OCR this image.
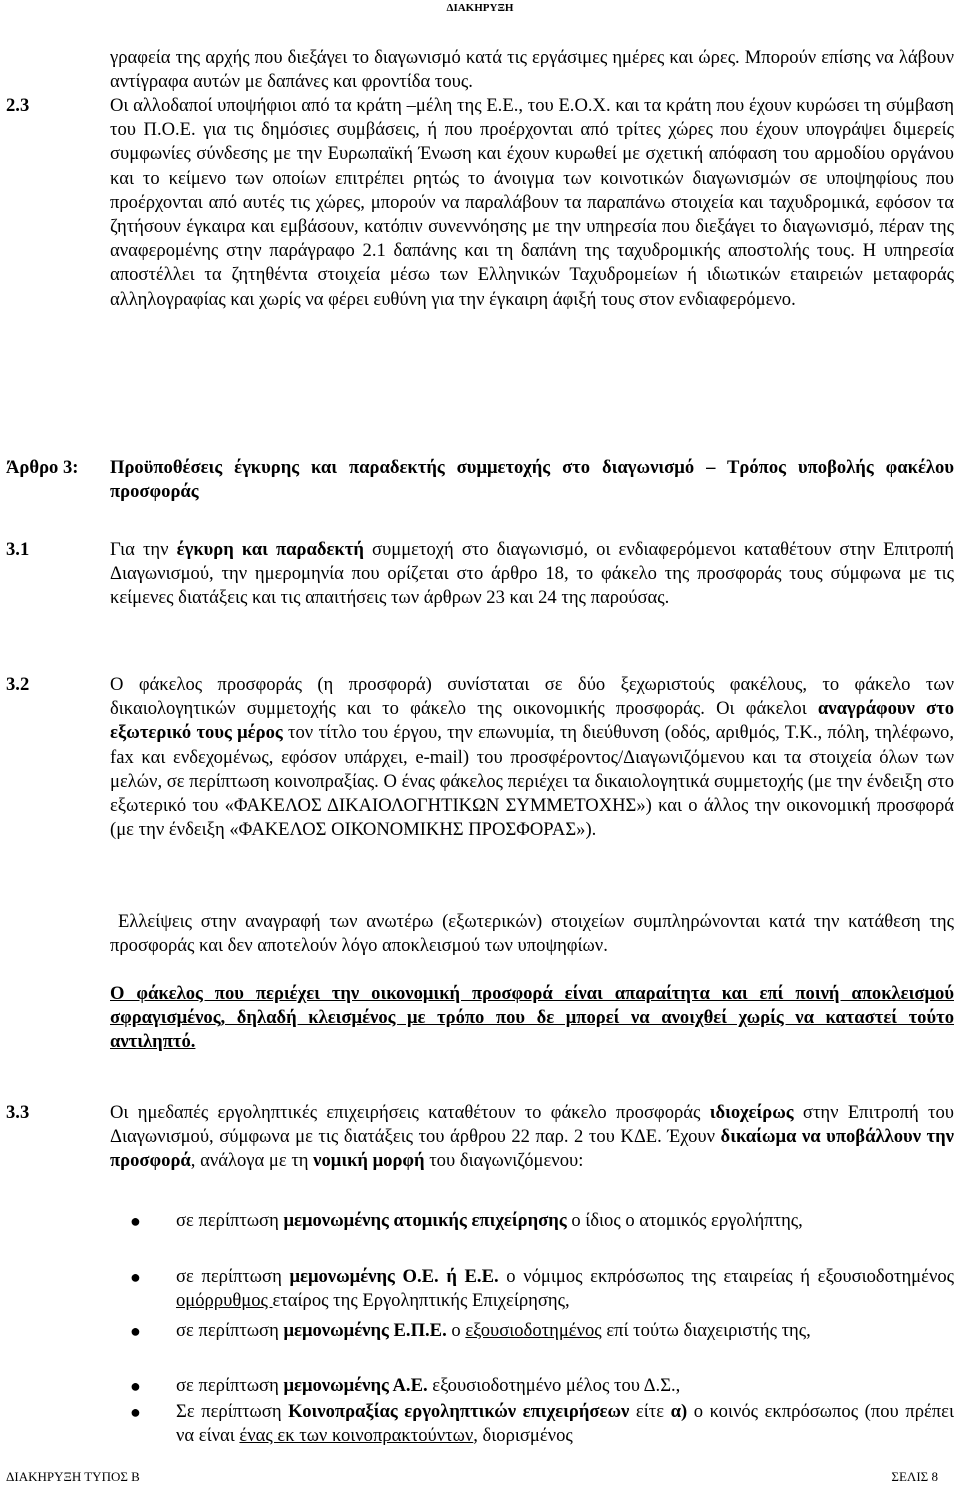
ΔΙΑΚΗΡΥΞΗ
γραφεία της αρχής που διεξάγει το διαγωνισμό κατά τις εργάσιμες ημέρες και ώρες. Μπορούν επίσης να λάβουν αντίγραφα αυτών με δαπάνες και φροντίδα τους.
2.3	Οι αλλοδαποί υποψήφιοι από τα κράτη –μέλη της Ε.Ε., του Ε.Ο.Χ. και τα κράτη που έχουν κυρώσει τη σύμβαση του Π.Ο.Ε. για τις δημόσιες συμβάσεις, ή που προέρχονται από τρίτες χώρες που έχουν υπογράψει διμερείς συμφωνίες σύνδεσης με την Ευρωπαϊκή Ένωση και έχουν κυρωθεί με σχετική απόφαση του αρμοδίου οργάνου και το κείμενο των οποίων επιτρέπει ρητώς το άνοιγμα των κοινοτικών διαγωνισμών σε υποψηφίους που προέρχονται από αυτές τις χώρες, μπορούν να παραλάβουν τα παραπάνω στοιχεία και ταχυδρομικά, εφόσον τα ζητήσουν έγκαιρα και εμβάσουν, κατόπιν συνεννόησης με την υπηρεσία που διεξάγει το διαγωνισμό, πέραν της αναφερομένης στην παράγραφο 2.1 δαπάνης και τη δαπάνη της ταχυδρομικής αποστολής τους. Η υπηρεσία αποστέλλει τα ζητηθέντα στοιχεία μέσω των Ελληνικών Ταχυδρομείων ή ιδιωτικών εταιρειών μεταφοράς αλληλογραφίας και χωρίς να φέρει ευθύνη για την έγκαιρη άφιξή τους στον ενδιαφερόμενο.
Άρθρο 3: Προϋποθέσεις έγκυρης και παραδεκτής συμμετοχής στο διαγωνισμό – Τρόπος υποβολής φακέλου προσφοράς
3.1	Για την έγκυρη και παραδεκτή συμμετοχή στο διαγωνισμό, οι ενδιαφερόμενοι καταθέτουν στην Επιτροπή Διαγωνισμού, την ημερομηνία που ορίζεται στο άρθρο 18, το φάκελο της προσφοράς τους σύμφωνα με τις κείμενες διατάξεις και τις απαιτήσεις των άρθρων 23 και 24 της παρούσας.
3.2	Ο φάκελος προσφοράς (η προσφορά) συνίσταται σε δύο ξεχωριστούς φακέλους, το φάκελο των δικαιολογητικών συμμετοχής και το φάκελο της οικονομικής προσφοράς. Οι φάκελοι αναγράφουν στο εξωτερικό τους μέρος τον τίτλο του έργου, την επωνυμία, τη διεύθυνση (οδός, αριθμός, Τ.Κ., πόλη, τηλέφωνο, fax και ενδεχομένως, εφόσον υπάρχει, e-mail) του προσφέροντος/Διαγωνιζόμενου και τα στοιχεία όλων των μελών, σε περίπτωση κοινοπραξίας. Ο ένας φάκελος περιέχει τα δικαιολογητικά συμμετοχής (με την ένδειξη στο εξωτερικό του «ΦΑΚΕΛΟΣ ΔΙΚΑΙΟΛΟΓΗΤΙΚΩΝ ΣΥΜΜΕΤΟΧΗΣ») και ο άλλος την οικονομική προσφορά (με την ένδειξη «ΦΑΚΕΛΟΣ ΟΙΚΟΝΟΜΙΚΗΣ ΠΡΟΣΦΟΡΑΣ»).
Ελλείψεις στην αναγραφή των ανωτέρω (εξωτερικών) στοιχείων συμπληρώνονται κατά την κατάθεση της προσφοράς και δεν αποτελούν λόγο αποκλεισμού των υποψηφίων.
Ο φάκελος που περιέχει την οικονομική προσφορά είναι απαραίτητα και επί ποινή αποκλεισμού σφραγισμένος, δηλαδή κλεισμένος με τρόπο που δε μπορεί να ανοιχθεί χωρίς να καταστεί τούτο αντιληπτό.
3.3	Οι ημεδαπές εργοληπτικές επιχειρήσεις καταθέτουν το φάκελο προσφοράς ιδιοχείρως στην Επιτροπή του Διαγωνισμού, σύμφωνα με τις διατάξεις του άρθρου 22 παρ. 2 του ΚΔΕ. Έχουν δικαίωμα να υποβάλλουν την προσφορά, ανάλογα με τη νομική μορφή του διαγωνιζόμενου:
●	σε περίπτωση μεμονωμένης ατομικής επιχείρησης ο ίδιος ο ατομικός εργολήπτης,
●	σε περίπτωση μεμονωμένης Ο.Ε. ή Ε.Ε. ο νόμιμος εκπρόσωπος της εταιρείας ή εξουσιοδοτημένος ομόρρυθμος εταίρος της Εργοληπτικής Επιχείρησης,
●	σε περίπτωση μεμονωμένης Ε.Π.Ε. ο εξουσιοδοτημένος επί τούτω διαχειριστής της,
●	σε περίπτωση μεμονωμένης Α.Ε. εξουσιοδοτημένο μέλος του Δ.Σ.,
●	Σε περίπτωση Κοινοπραξίας εργοληπτικών επιχειρήσεων είτε α) ο κοινός εκπρόσωπος (που πρέπει να είναι ένας εκ των κοινοπρακτούντων, διορισμένος
ΔΙΑΚΗΡΥΞΗ ΤΥΠΟΣ Β	ΣΕΛΙΣ 8
